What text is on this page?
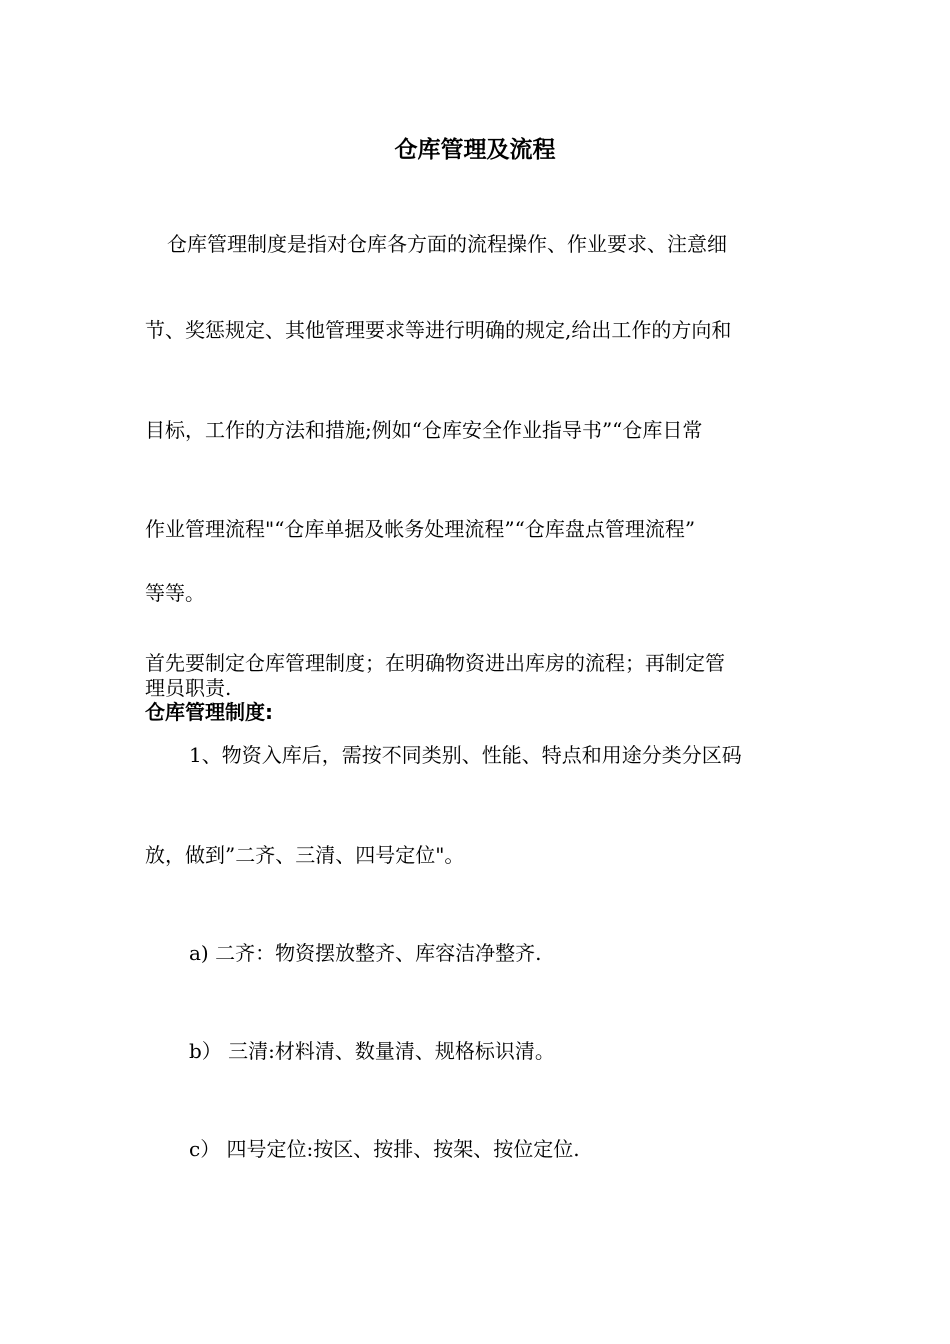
仓库管理及流程
仓库管理制度是指对仓库各方面的流程操作、作业要求、注意细
节、奖惩规定、其他管理要求等进行明确的规定,给出工作的方向和
目标，工作的方法和措施;例如“仓库安全作业指导书”“仓库日常
作业管理流程"“仓库单据及帐务处理流程”“仓库盘点管理流程”
等等。
首先要制定仓库管理制度；在明确物资进出库房的流程；再制定管
理员职责.
仓库管理制度:
1、物资入库后，需按不同类别、性能、特点和用途分类分区码
放，做到”二齐、三清、四号定位"。
a) 二齐：物资摆放整齐、库容洁净整齐.
b） 三清:材料清、数量清、规格标识清。
c） 四号定位:按区、按排、按架、按位定位.
